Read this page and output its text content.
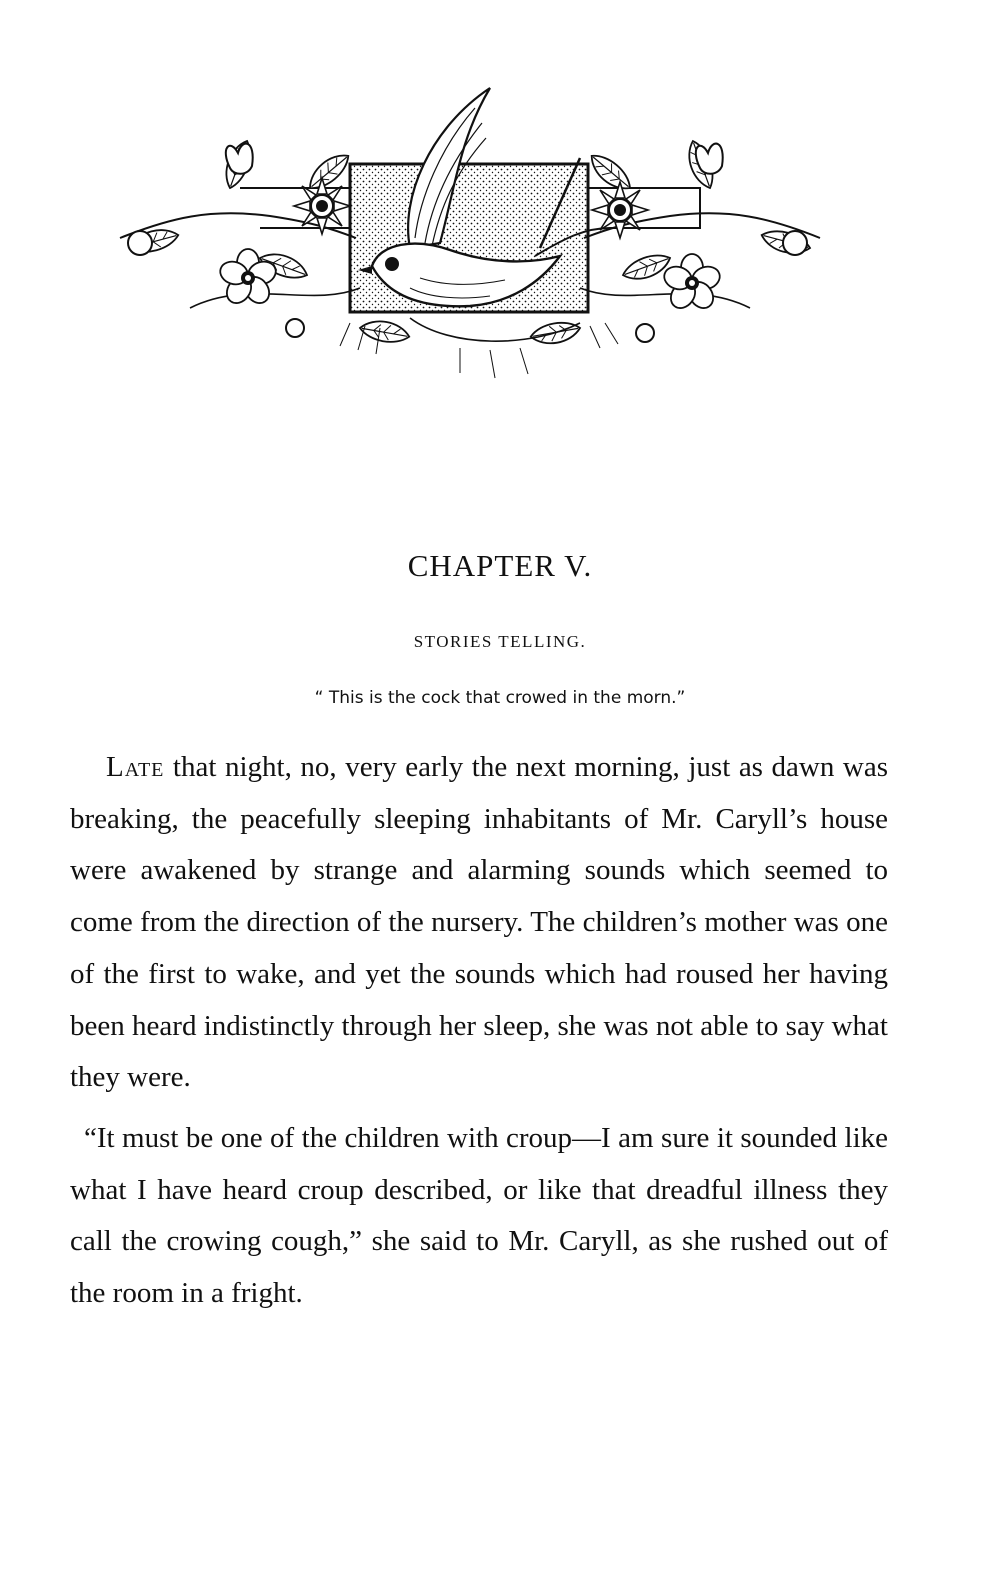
CHAPTER V.
STORIES TELLING.
“ This is the cock that crowed in the morn.”

Late that night, no, very early the next morning, just as dawn was breaking, the peacefully sleeping inhabitants of Mr. Caryll’s house were awakened by strange and alarming sounds which seemed to come from the direction of the nursery. The children’s mother was one of the first to wake, and yet the sounds which had roused her having been heard indistinctly through her sleep, she was not able to say what they were.

“It must be one of the children with croup—I am sure it sounded like what I have heard croup described, or like that dreadful illness they call the crowing cough,” she said to Mr. Caryll, as she rushed out of the room in a fright.
